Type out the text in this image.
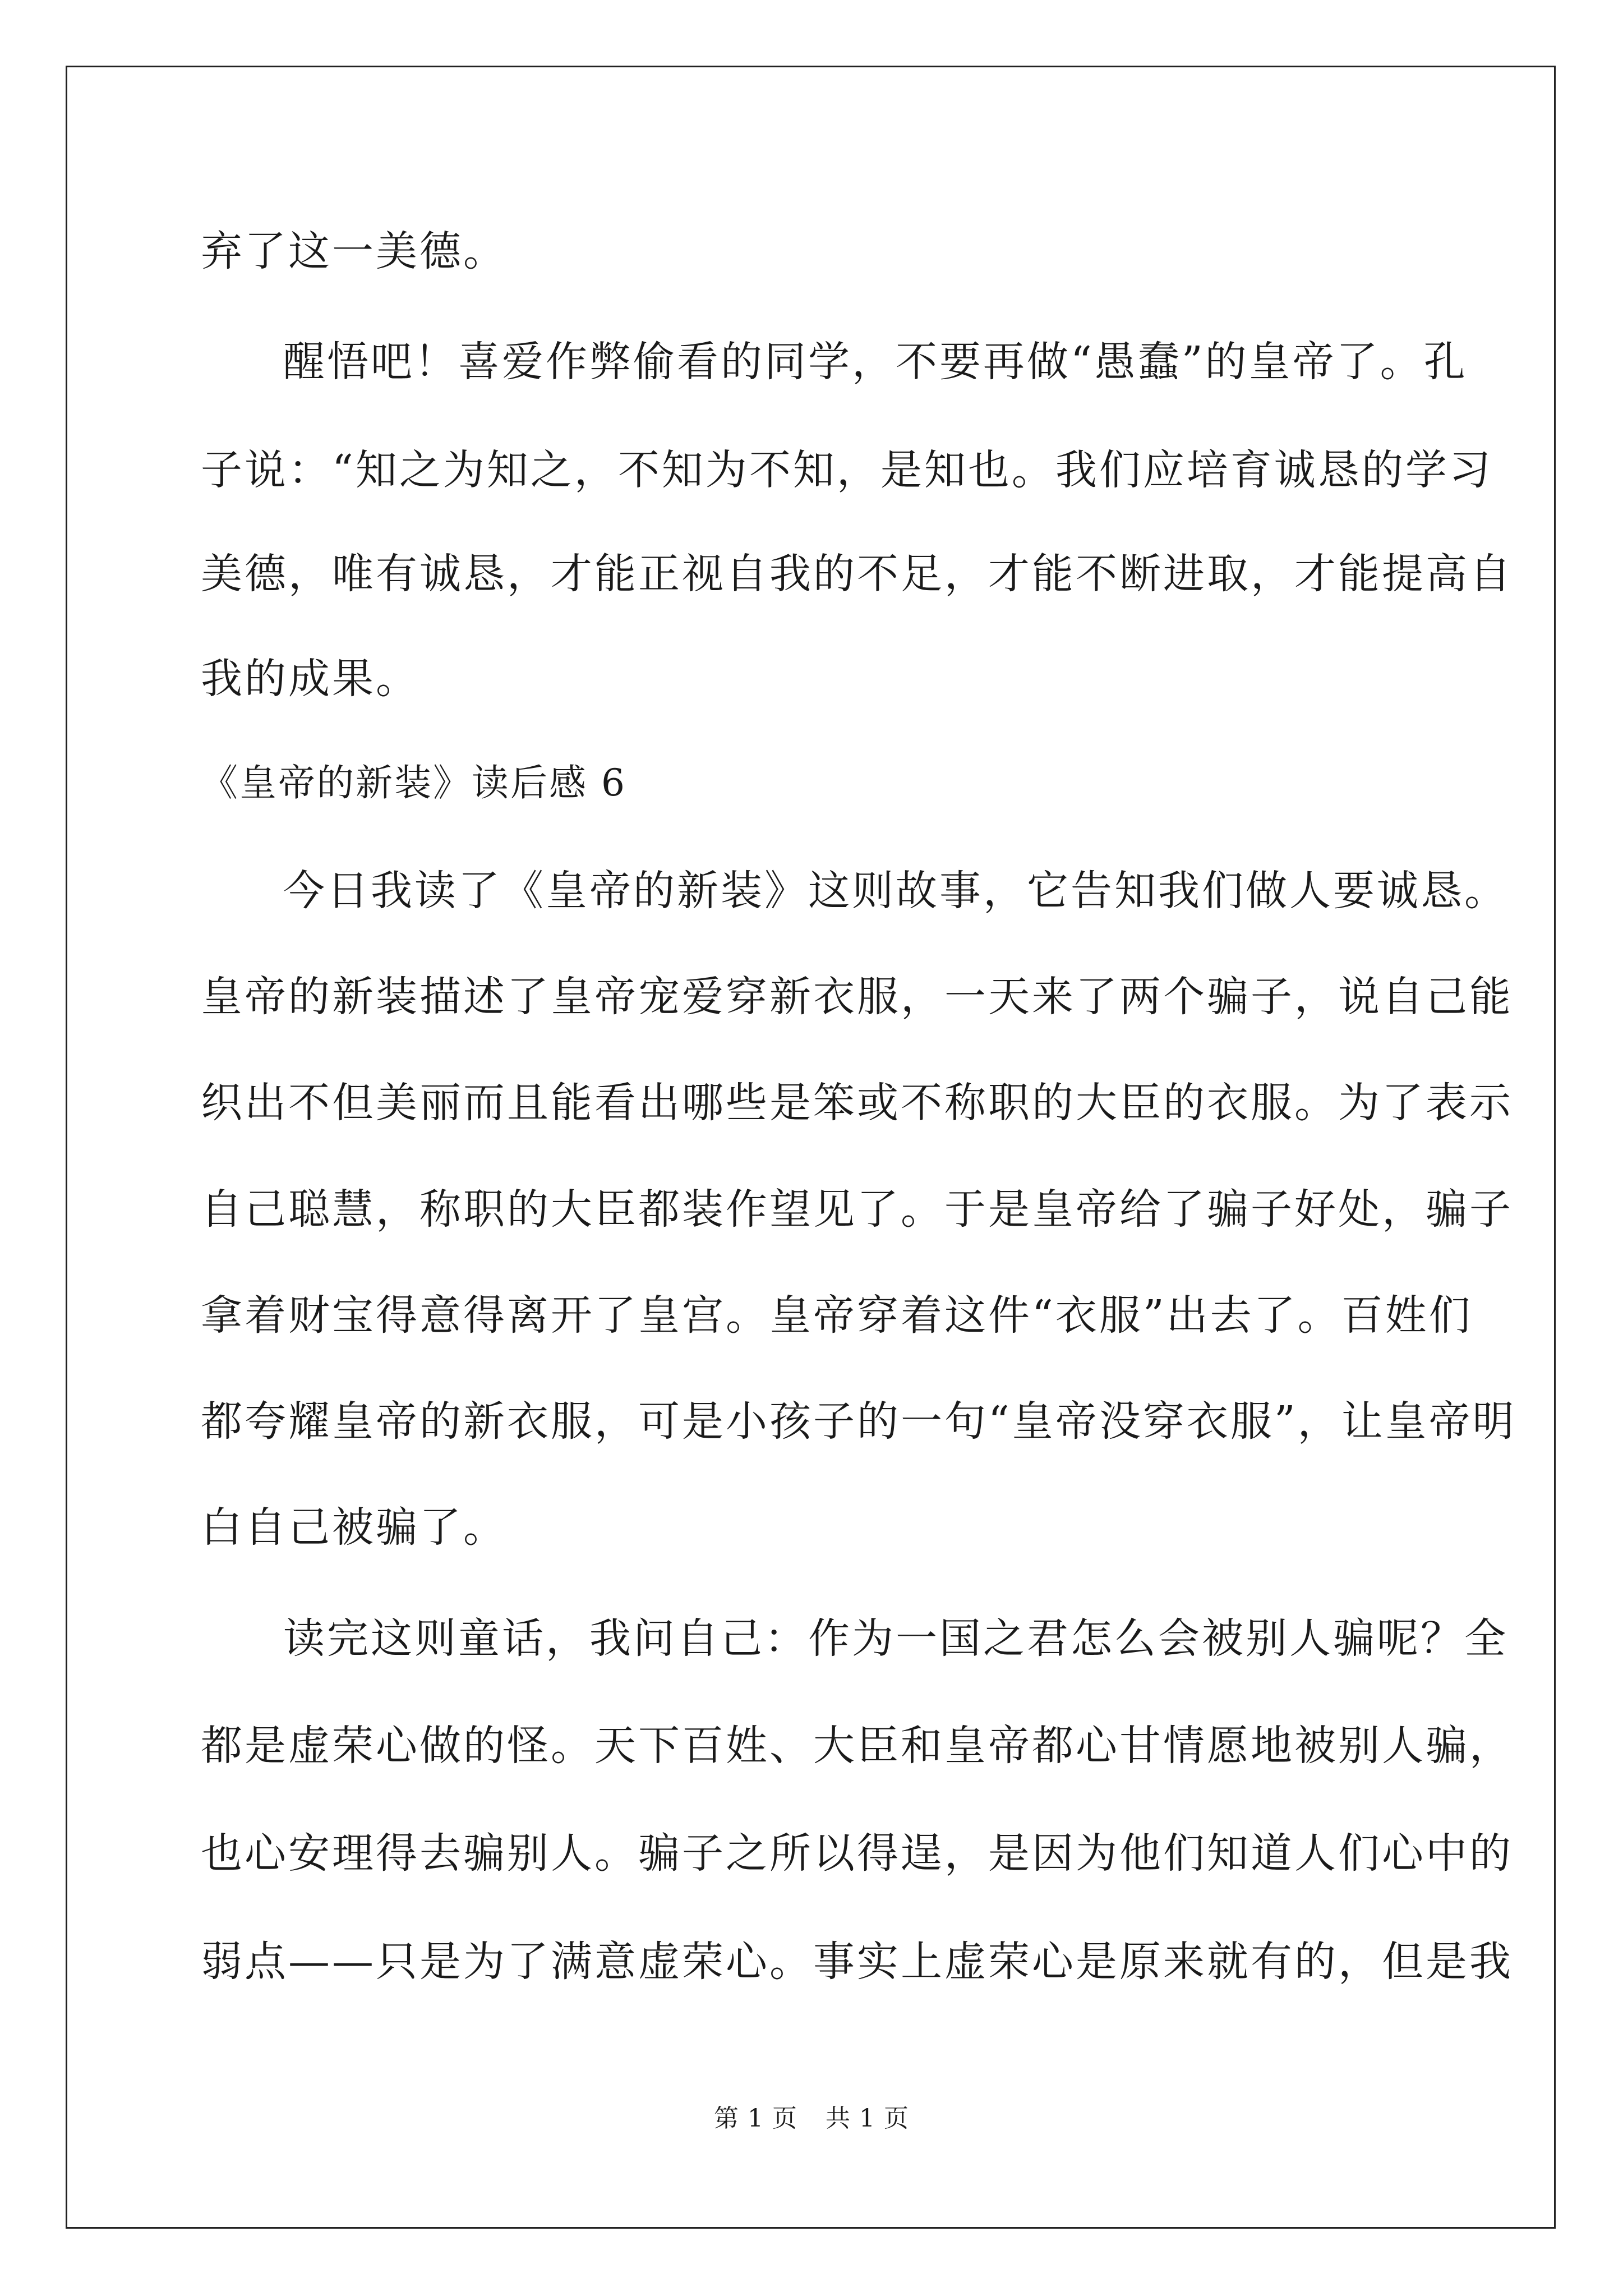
弃了这一美德。
醒悟吧！喜爱作弊偷看的同学，不要再做“愚蠢”的皇帝了。孔
子说：“知之为知之，不知为不知，是知也。我们应培育诚恳的学习
美德，唯有诚恳，才能正视自我的不足，才能不断进取，才能提高自
我的成果。
《皇帝的新装》读后感 6
今日我读了《皇帝的新装》这则故事，它告知我们做人要诚恳。
皇帝的新装描述了皇帝宠爱穿新衣服，一天来了两个骗子，说自己能
织出不但美丽而且能看出哪些是笨或不称职的大臣的衣服。为了表示
自己聪慧，称职的大臣都装作望见了。于是皇帝给了骗子好处，骗子
拿着财宝得意得离开了皇宫。皇帝穿着这件“衣服”出去了。百姓们
都夸耀皇帝的新衣服，可是小孩子的一句“皇帝没穿衣服”，让皇帝明
白自己被骗了。
读完这则童话，我问自己：作为一国之君怎么会被别人骗呢？全
都是虚荣心做的怪。天下百姓、大臣和皇帝都心甘情愿地被别人骗，
也心安理得去骗别人。骗子之所以得逞，是因为他们知道人们心中的
弱点——只是为了满意虚荣心。事实上虚荣心是原来就有的，但是我
第 1 页 共 1 页
